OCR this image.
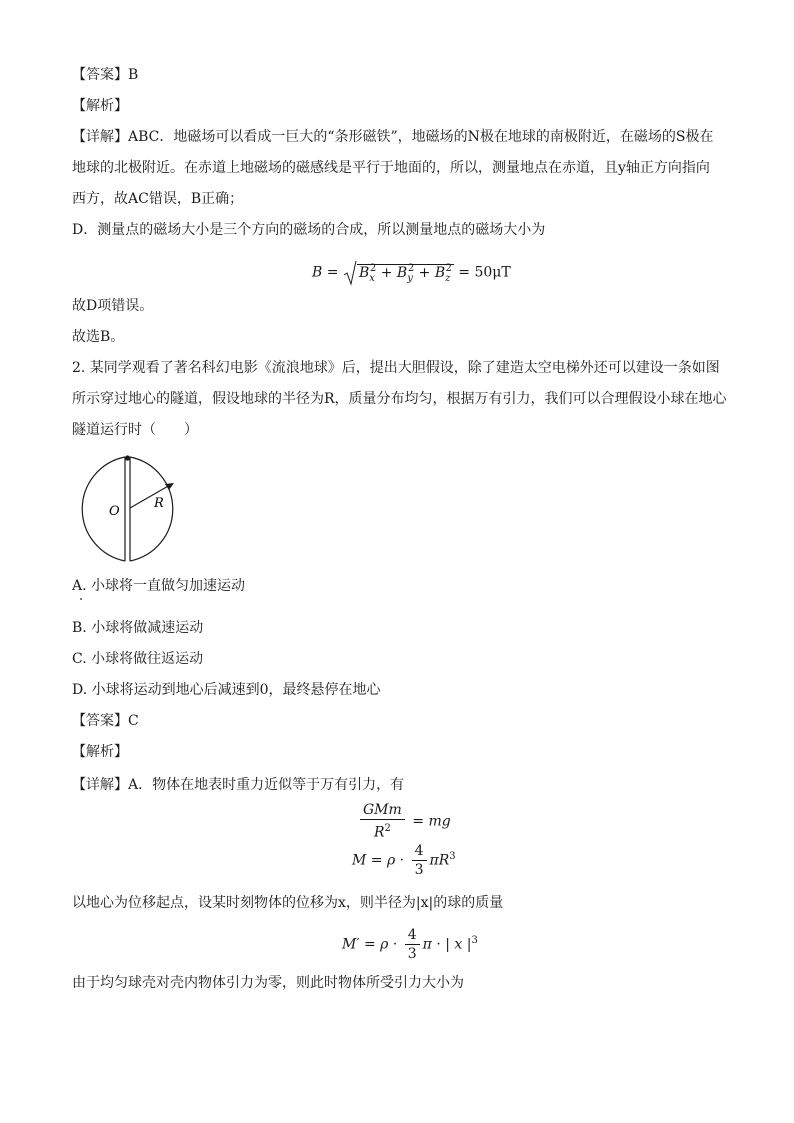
【答案】B
【解析】
【详解】ABC．地磁场可以看成一巨大的“条形磁铁”，地磁场的N极在地球的南极附近，在磁场的S极在
地球的北极附近。在赤道上地磁场的磁感线是平行于地面的，所以，测量地点在赤道，且y轴正方向指向
西方，故AC错误，B正确；
D．测量点的磁场大小是三个方向的磁场的合成，所以测量地点的磁场大小为
$B = B_x^2 + B_y^2 + B_z^2 = 50\mu T$
故D项错误。
故选B。
2. 某同学观看了著名科幻电影《流浪地球》后，提出大胆假设，除了建造太空电梯外还可以建设一条如图
所示穿过地心的隧道，假设地球的半径为R，质量分布均匀，根据万有引力，我们可以合理假设小球在地心
隧道运行时（　　）
O
R
A. 小球将一直做匀加速运动
B. 小球将做减速运动
C. 小球将做往返运动
D. 小球将运动到地心后减速到0，最终悬停在地心
【答案】C
【解析】
【详解】A．物体在地表时重力近似等于万有引力，有
$\frac{\text{GMm}}{R^2}$ = mg
$M = \rho \cdot \frac{4}{3} \pi R^3$
以地心为位移起点，设某时刻物体的位移为x，则半径为|x|的球的质量
$M' = \rho \cdot \frac{4}{3}$ π · | x $|^3$
由于均匀球壳对壳内物体引力为零，则此时物体所受引力大小为
